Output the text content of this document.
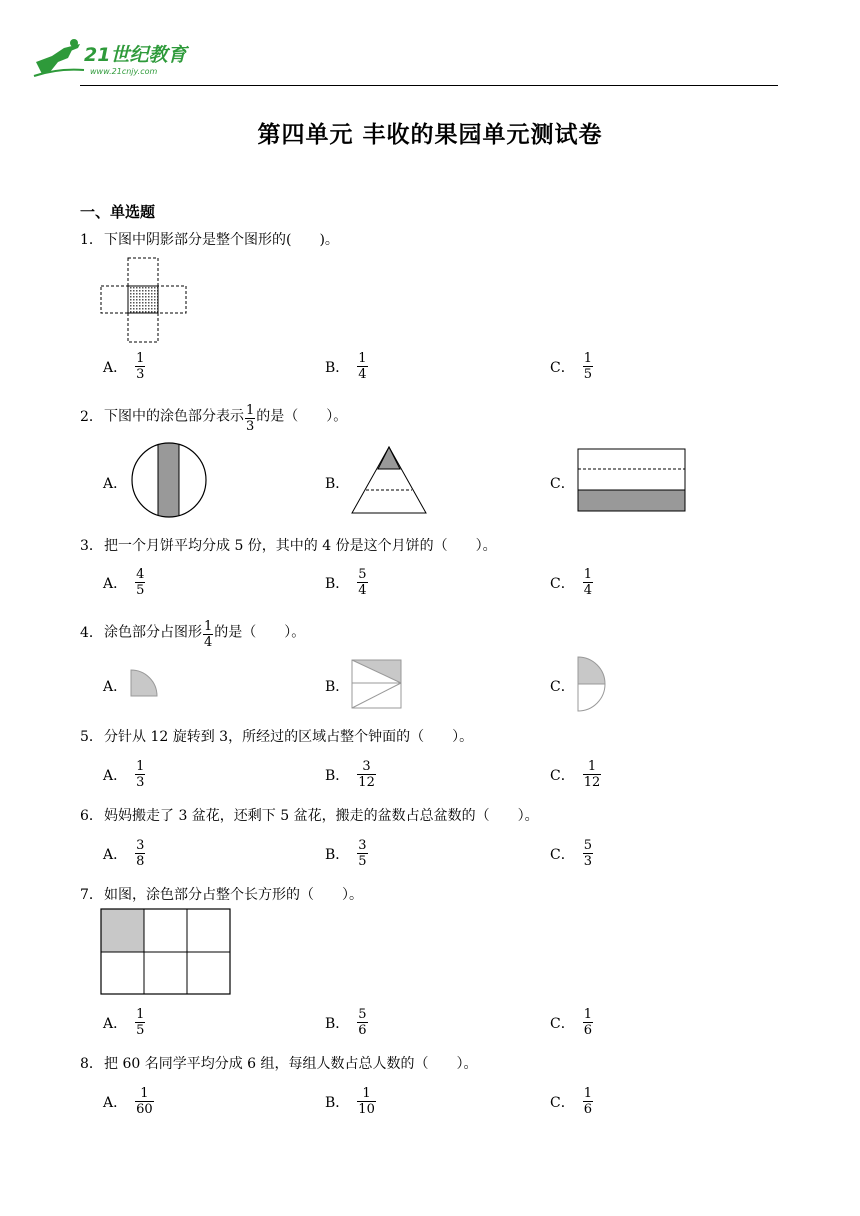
21世纪教育
www.21cnjy.com
第四单元 丰收的果园单元测试卷
一、单选题
1．下图中阴影部分是整个图形的(　　)。
A． $\frac{1}{3}$	B． $\frac{1}{4}$	C． $\frac{1}{5}$
2．下图中的涂色部分表示 $\frac{1}{3}$ 的是（　　）。
A．	B．	C．
3．把一个月饼平均分成 5 份，其中的 4 份是这个月饼的（　　）。
A． $\frac{4}{5}$	B． $\frac{5}{4}$	C． $\frac{1}{4}$
4．涂色部分占图形 $\frac{1}{4}$ 的是（　　）。
A．	B．	C．
5．分针从 12 旋转到 3，所经过的区域占整个钟面的（　　）。
A． $\frac{1}{3}$	B． $\frac{3}{12}$	C． $\frac{1}{12}$
6．妈妈搬走了 3 盆花，还剩下 5 盆花，搬走的盆数占总盆数的（　　）。
A． $\frac{3}{8}$	B． $\frac{3}{5}$	C． $\frac{5}{3}$
7．如图，涂色部分占整个长方形的（　　）。
A． $\frac{1}{5}$	B． $\frac{5}{6}$	C． $\frac{1}{6}$
8．把 60 名同学平均分成 6 组，每组人数占总人数的（　　）。
A． $\frac{1}{60}$	B． $\frac{1}{10}$	C． $\frac{1}{6}$
